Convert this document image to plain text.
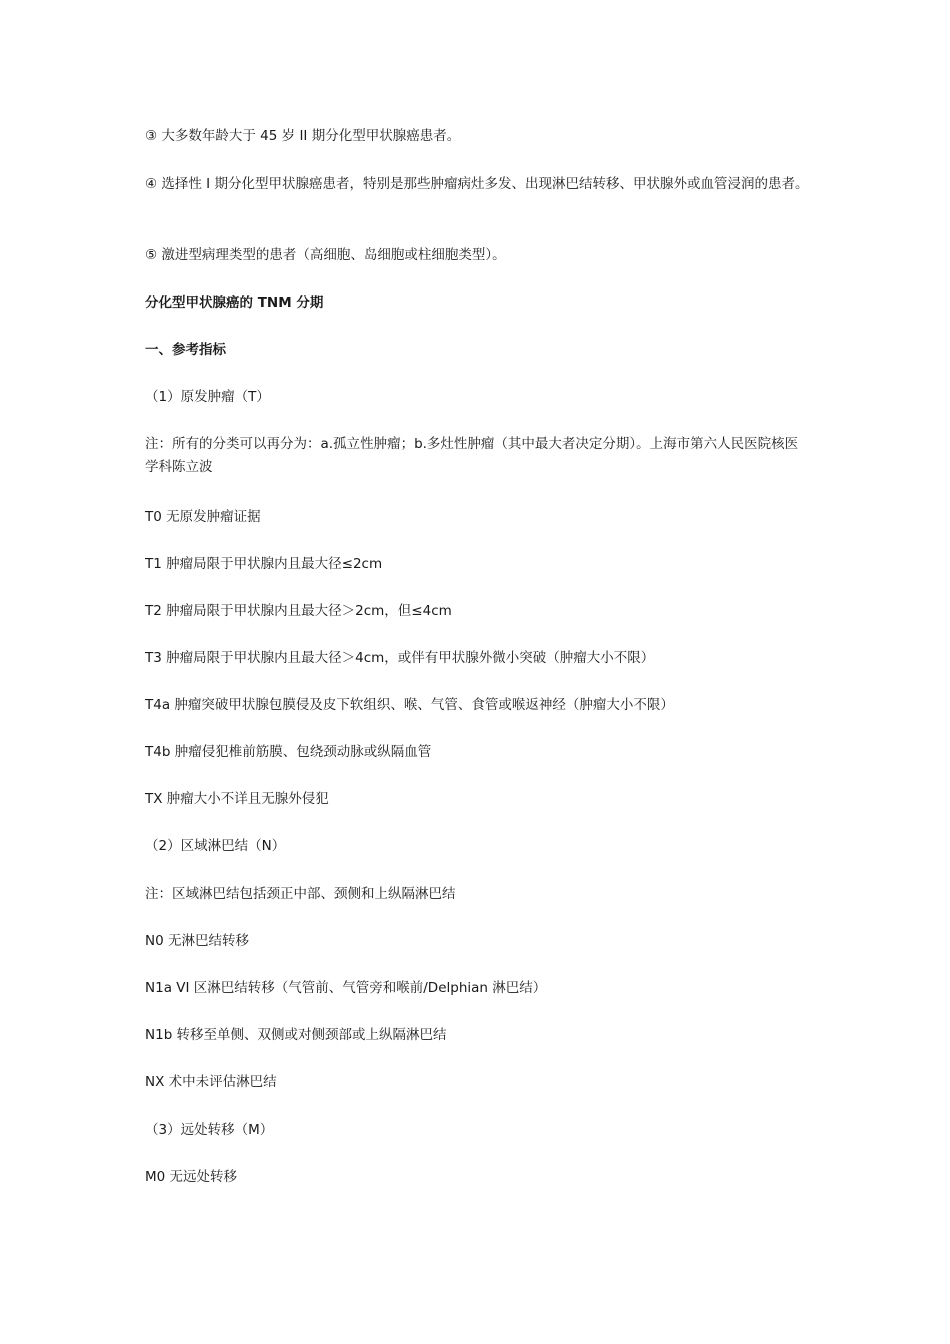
③ 大多数年龄大于 45 岁 II 期分化型甲状腺癌患者。
④ 选择性 I 期分化型甲状腺癌患者，特别是那些肿瘤病灶多发、出现淋巴结转移、甲状腺外或血管浸润的患者。
⑤ 激进型病理类型的患者（高细胞、岛细胞或柱细胞类型）。
分化型甲状腺癌的 TNM 分期
一、参考指标
（1）原发肿瘤（T）
注：所有的分类可以再分为：a.孤立性肿瘤；b.多灶性肿瘤（其中最大者决定分期）。上海市第六人民医院核医学科陈立波
T0 无原发肿瘤证据
T1 肿瘤局限于甲状腺内且最大径≤2cm
T2 肿瘤局限于甲状腺内且最大径＞2cm，但≤4cm
T3 肿瘤局限于甲状腺内且最大径＞4cm，或伴有甲状腺外微小突破（肿瘤大小不限）
T4a 肿瘤突破甲状腺包膜侵及皮下软组织、喉、气管、食管或喉返神经（肿瘤大小不限）
T4b 肿瘤侵犯椎前筋膜、包绕颈动脉或纵隔血管
TX 肿瘤大小不详且无腺外侵犯
（2）区域淋巴结（N）
注：区域淋巴结包括颈正中部、颈侧和上纵隔淋巴结
N0 无淋巴结转移
N1a VI 区淋巴结转移（气管前、气管旁和喉前/Delphian 淋巴结）
N1b 转移至单侧、双侧或对侧颈部或上纵隔淋巴结
NX 术中未评估淋巴结
（3）远处转移（M）
M0 无远处转移
